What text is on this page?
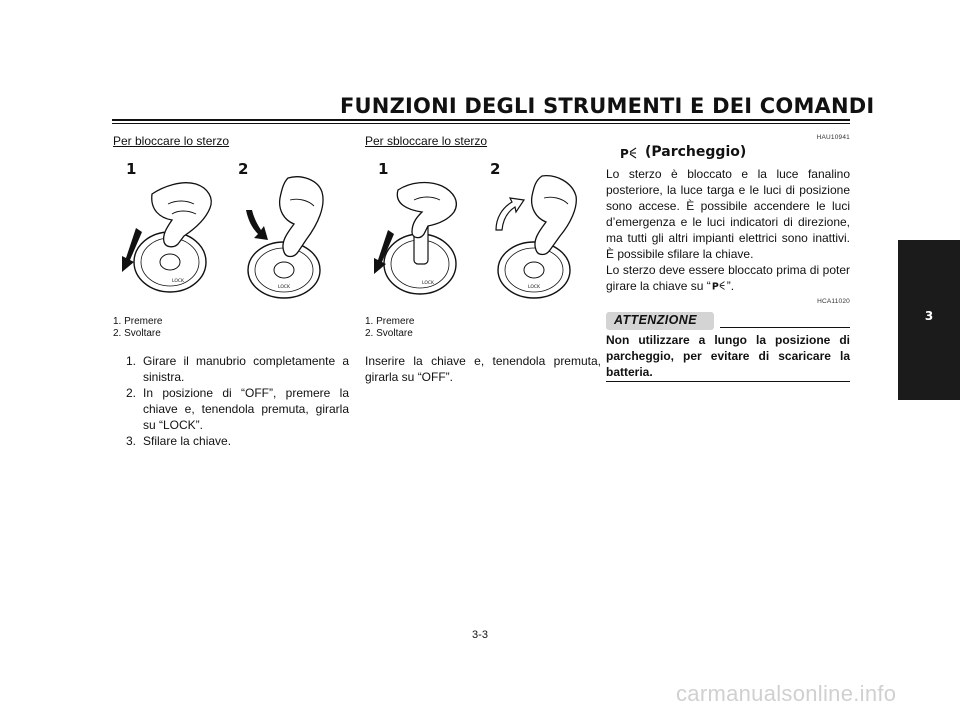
FUNZIONI DEGLI STRUMENTI E DEI COMANDI
3
Per bloccare lo sterzo
1	2
LOCK
LOCK
1. Premere
2. Svoltare
1. Girare il manubrio completamente a sinistra.
2. In posizione di “OFF”, premere la chiave e, tenendola premuta, girarla su “LOCK”.
3. Sfilare la chiave.
Per sbloccare lo sterzo
1	2
LOCK
LOCK
1. Premere
2. Svoltare
Inserire la chiave e, tenendola premuta, girarla su “OFF”.
HAU10941
P (Parcheggio)
Lo sterzo è bloccato e la luce fanalino posteriore, la luce targa e le luci di posizione sono accese. È possibile accendere le luci d’emergenza e le luci indicatori di direzione, ma tutti gli altri impianti elettrici sono inattivi. È possibile sfilare la chiave.
Lo sterzo deve essere bloccato prima di poter girare la chiave su “ P ”.
HCA11020
ATTENZIONE
Non utilizzare a lungo la posizione di parcheggio, per evitare di scaricare la batteria.
3-3
carmanualsonline.info
